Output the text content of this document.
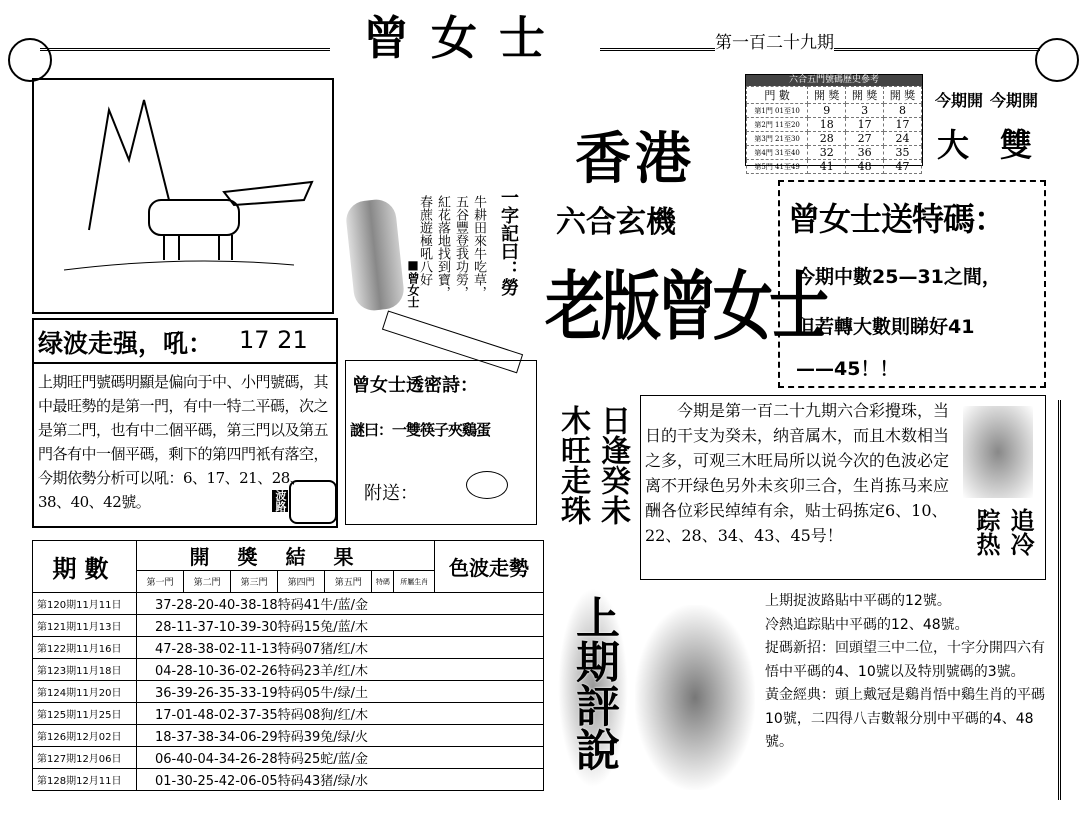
曾女士	第一百二十九期
六合五門號碼歷史參考
門 數	開 獎	開 獎	開 獎
第1門 01至10	9	3	8
第2門 11至20	18	17	17
第3門 21至30	28	27	24
第4門 31至40	32	36	35
第5門 41至49	41	48	47
今期開 今期開
大 雙
香港
六合玄機
老版曾女士
一字記曰：勞
牛耕田來牛吃草，
五谷豐登我功勞，
紅花落地找到寶，
春蔗遊極吼八好
■曾女士
曾女士送特碼：
今期中數25—31之間，
但若轉大數則睇好41
——45！！
绿波走强，吼： 17 21
上期旺門號碼明顯是偏向于中、小門號碼，其中最旺勢的是第一門，有中一特二平碼，次之是第二門，也有中二個平碼，第三門以及第五門各有中一個平碼，剩下的第四門衹有落空，今期依勢分析可以吼：6、17、21、28、38、40、42號。	波路
曾女士透密詩：
謎曰：一雙筷子夾鷄蛋
附送：	日逢癸未
木旺走珠	今期是第一百二十九期六合彩攪珠，当日的干支为癸未，纳音属木，而且木数相当之多，可观三木旺局所以说今次的色波必定离不开绿色另外未亥卯三合，生肖拣马来应酬各位彩民绰绰有余，贴士码拣定6、10、22、28、34、43、45号！	追冷踪热
期數	開獎結果							色波走勢
	第一門	第二門	第三門	第四門	第五門	特碼	所屬生肖	
第120期11月11日	37-28-20-40-38-18特码41牛/蓝/金							
第121期11月13日	28-11-37-10-39-30特码15兔/蓝/木							
第122期11月16日	47-28-38-02-11-13特码07猪/红/木							
第123期11月18日	04-28-10-36-02-26特码23羊/红/木							
第124期11月20日	36-39-26-35-33-19特码05牛/绿/土							
第125期11月25日	17-01-48-02-37-35特码08狗/红/木							
第126期12月02日	18-37-38-34-06-29特码39兔/绿/火							
第127期12月06日	06-40-04-34-26-28特码25蛇/蓝/金							
第128期12月11日	01-30-25-42-06-05特码43猪/绿/水							
上期評說	上期捉波路貼中平碼的12號。
冷熱追踪貼中平碼的12、48號。
捉碼新招：回頭望三中二位，十字分開四六有悟中平碼的4、10號以及特別號碼的3號。
黃金經典：頭上戴冠是鷄肖悟中鷄生肖的平碼10號，二四得八吉數報分別中平碼的4、48號。
